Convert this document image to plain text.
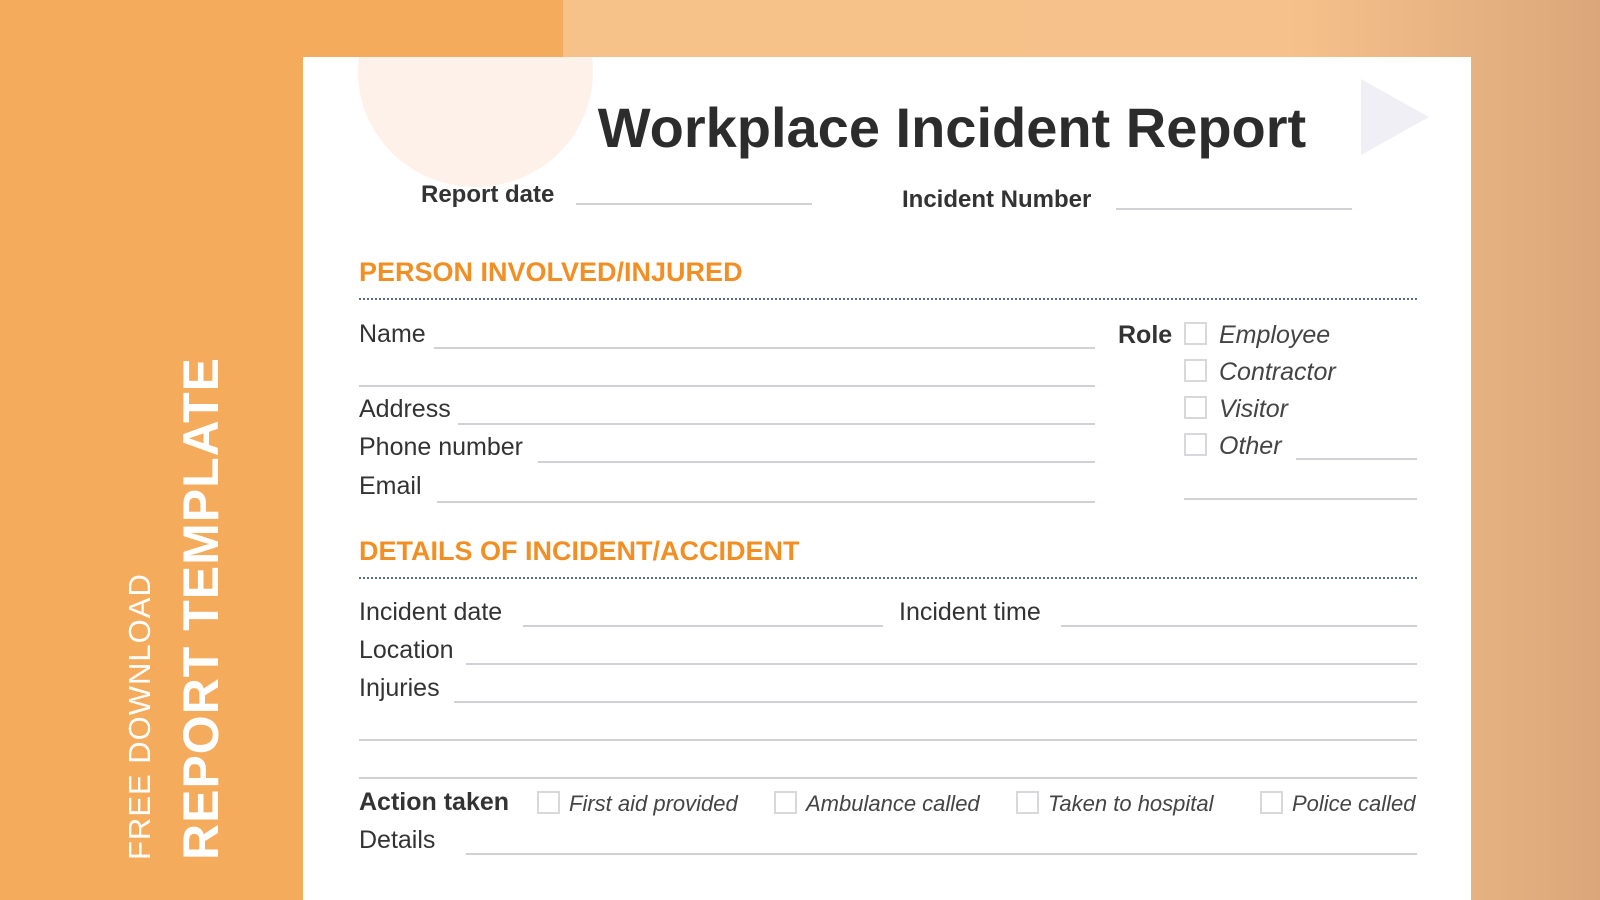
FREE DOWNLOAD REPORT TEMPLATE
Workplace Incident Report
Report date	Incident Number
PERSON INVOLVED/INJURED
Name
Address
Phone number
Email
Role Employee
Contractor
Visitor
Other
DETAILS OF INCIDENT/ACCIDENT
Incident date	Incident time
Location
Injuries
Action taken	First aid provided	Ambulance called	Taken to hospital	Police called
Details
